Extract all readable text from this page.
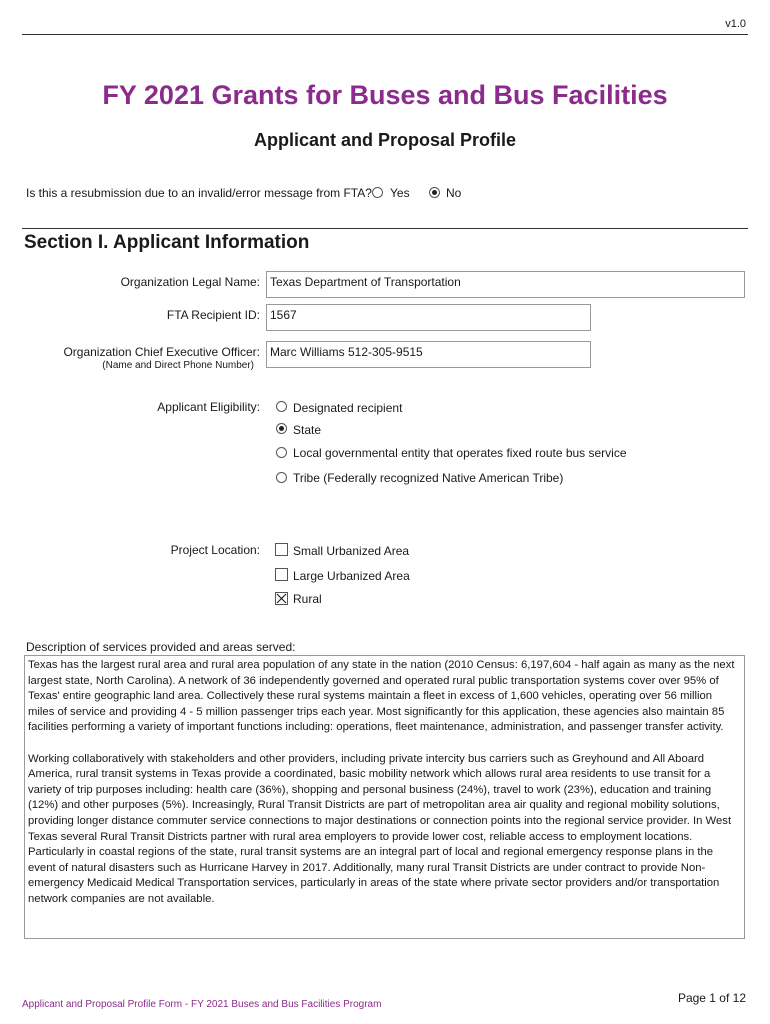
v1.0
FY 2021 Grants for Buses and Bus Facilities
Applicant and Proposal Profile
Is this a resubmission due to an invalid/error message from FTA? Yes	No
Section I. Applicant Information
Organization Legal Name: Texas Department of Transportation
FTA Recipient ID: 1567
Organization Chief Executive Officer:
(Name and Direct Phone Number)
Marc Williams 512-305-9515
Applicant Eligibility:	Designated recipient
State
Local governmental entity that operates fixed route bus service
Tribe (Federally recognized Native American Tribe)
Project Location:	Small Urbanized Area
Large Urbanized Area
Rural
Description of services provided and areas served:

Texas has the largest rural area and rural area population of any state in the nation (2010 Census: 6,197,604 - half again as many as the next largest state, North Carolina). A network of 36 independently governed and operated rural public transportation systems cover over 95% of Texas' entire geographic land area. Collectively these rural systems maintain a fleet in excess of 1,600 vehicles, operating over 56 million miles of service and providing 4 - 5 million passenger trips each year. Most significantly for this application, these agencies also maintain 85 facilities performing a variety of important functions including: operations, fleet maintenance, administration, and passenger transfer activity.

Working collaboratively with stakeholders and other providers, including private intercity bus carriers such as Greyhound and All Aboard America, rural transit systems in Texas provide a coordinated, basic mobility network which allows rural area residents to use transit for a variety of trip purposes including: health care (36%), shopping and personal business (24%), travel to work (23%), education and training (12%) and other purposes (5%). Increasingly, Rural Transit Districts are part of metropolitan area air quality and regional mobility solutions, providing longer distance commuter service connections to major destinations or connection points into the regional service provider. In West Texas several Rural Transit Districts partner with rural area employers to provide lower cost, reliable access to employment locations. Particularly in coastal regions of the state, rural transit systems are an integral part of local and regional emergency response plans in the event of natural disasters such as Hurricane Harvey in 2017. Additionally, many rural Transit Districts are under contract to provide Non-emergency Medicaid Medical Transportation services, particularly in areas of the state where private sector providers and/or transportation network companies are not available.

Applicant and Proposal Profile Form - FY 2021 Buses and Bus Facilities Program	Page 1 of 12
